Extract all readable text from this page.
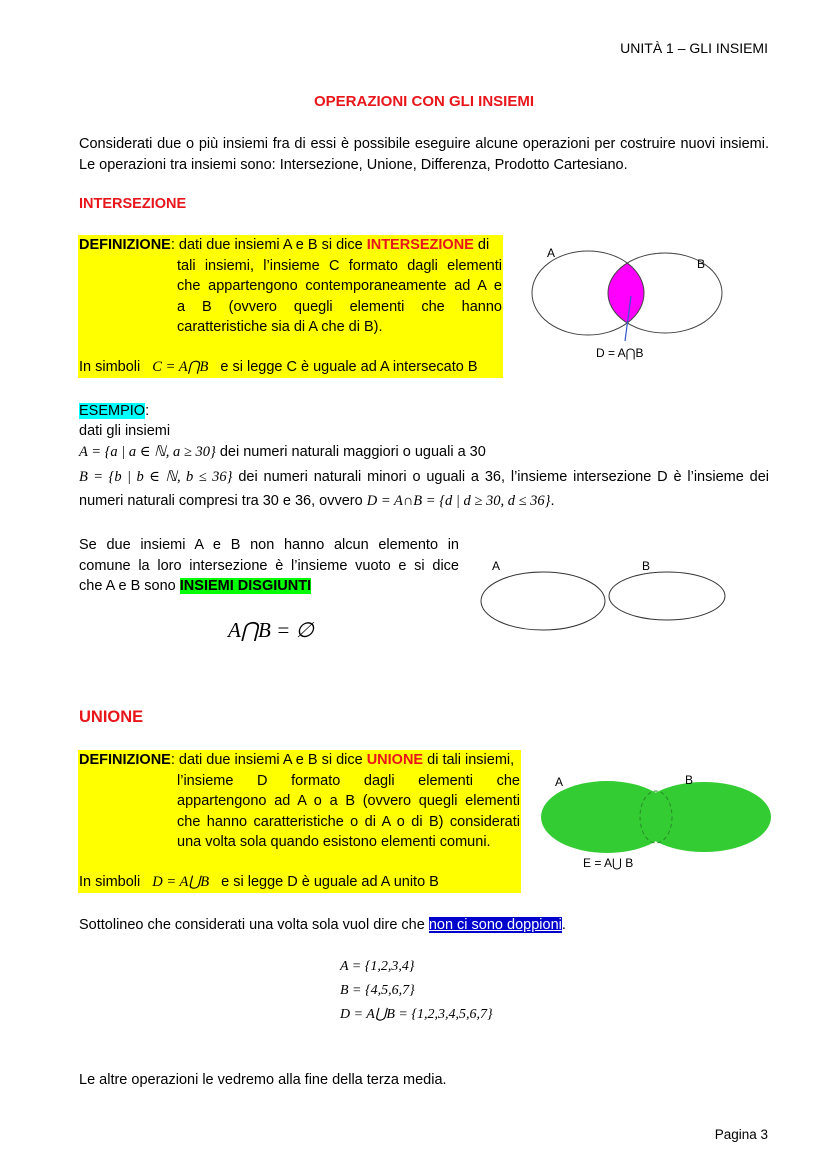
UNITÀ 1 – GLI INSIEMI
OPERAZIONI CON GLI INSIEMI
Considerati due o più insiemi fra di essi è possibile eseguire alcune operazioni per costruire nuovi insiemi. Le operazioni tra insiemi sono: Intersezione, Unione, Differenza, Prodotto Cartesiano.
INTERSEZIONE
DEFINIZIONE: dati due insiemi A e B si dice INTERSEZIONE di
tali insiemi, l’insieme C formato dagli elementi
che appartengono contemporaneamente ad A e
a B (ovvero quegli elementi che hanno
caratteristiche sia di A che di B).
In simboli C = A⋂B e si legge C è uguale ad A intersecato B
A
B
D = A⋂B
ESEMPIO:
dati gli insiemi
A = {a | a ∈ ℕ, a ≥ 30} dei numeri naturali maggiori o uguali a 30
B = {b | b ∈ ℕ, b ≤ 36} dei numeri naturali minori o uguali a 36, l’insieme intersezione D è l’insieme dei
numeri naturali compresi tra 30 e 36, ovvero D = A∩B = {d | d ≥ 30, d ≤ 36}.
Se due insiemi A e B non hanno alcun elemento in
comune la loro intersezione è l’insieme vuoto e si dice
che A e B sono INSIEMI DISGIUNTI
A⋂B = ∅
A	B
UNIONE
DEFINIZIONE: dati due insiemi A e B si dice UNIONE di tali insiemi,
l’insieme D formato dagli elementi che
appartengono ad A o a B (ovvero quegli elementi
che hanno caratteristiche o di A o di B) considerati
una volta sola quando esistono elementi comuni.
In simboli D = A⋃B e si legge D è uguale ad A unito B
A	B
E = A⋃ B
Sottolineo che considerati una volta sola vuol dire che non ci sono doppioni.
A = {1,2,3,4}
B = {4,5,6,7}
D = A⋃B = {1,2,3,4,5,6,7}
Le altre operazioni le vedremo alla fine della terza media.
Pagina 3
